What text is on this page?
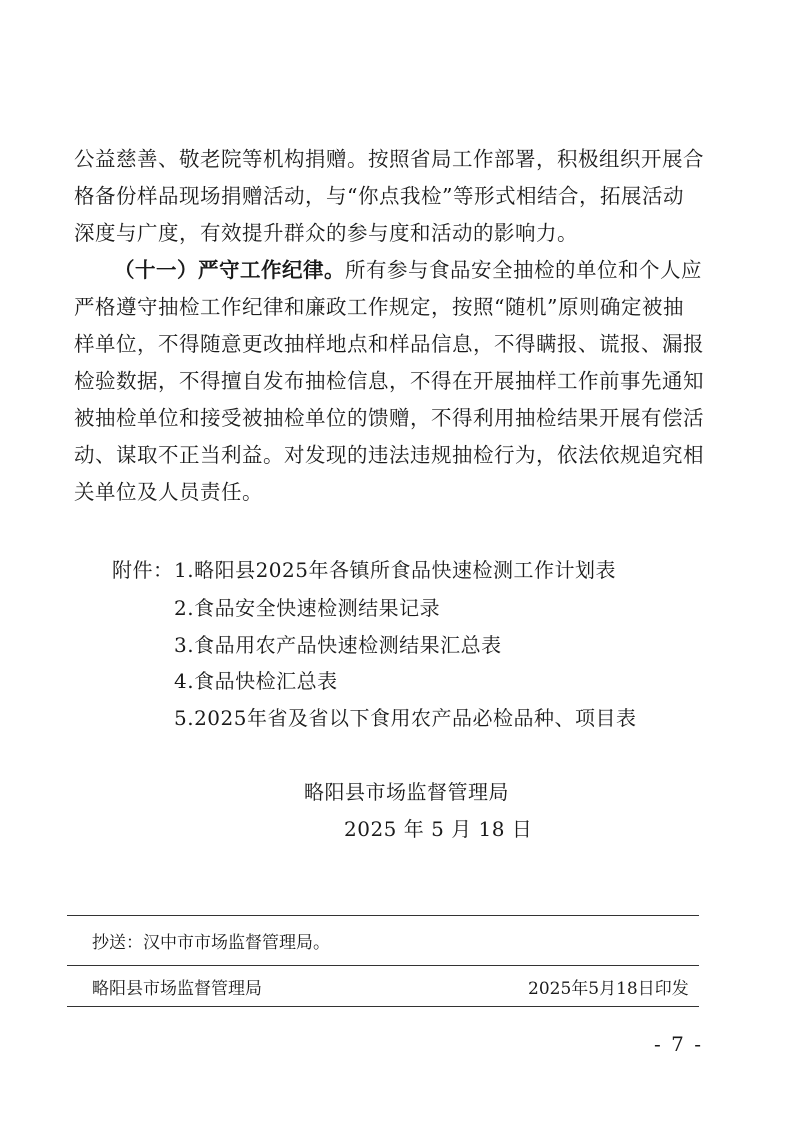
公益慈善、敬老院等机构捐赠。按照省局工作部署，积极组织开展合
格备份样品现场捐赠活动，与“你点我检”等形式相结合，拓展活动
深度与广度，有效提升群众的参与度和活动的影响力。
（十一）严守工作纪律。所有参与食品安全抽检的单位和个人应
严格遵守抽检工作纪律和廉政工作规定，按照“随机”原则确定被抽
样单位，不得随意更改抽样地点和样品信息，不得瞒报、谎报、漏报
检验数据，不得擅自发布抽检信息，不得在开展抽样工作前事先通知
被抽检单位和接受被抽检单位的馈赠，不得利用抽检结果开展有偿活
动、谋取不正当利益。对发现的违法违规抽检行为，依法依规追究相
关单位及人员责任。
附件： 1.略阳县2025年各镇所食品快速检测工作计划表
2.食品安全快速检测结果记录
3.食品用农产品快速检测结果汇总表
4.食品快检汇总表
5.2025年省及省以下食用农产品必检品种、项目表
略阳县市场监督管理局
2025 年 5 月 18 日
抄送：汉中市市场监督管理局。
略阳县市场监督管理局	2025年5月18日印发
- 7 -
